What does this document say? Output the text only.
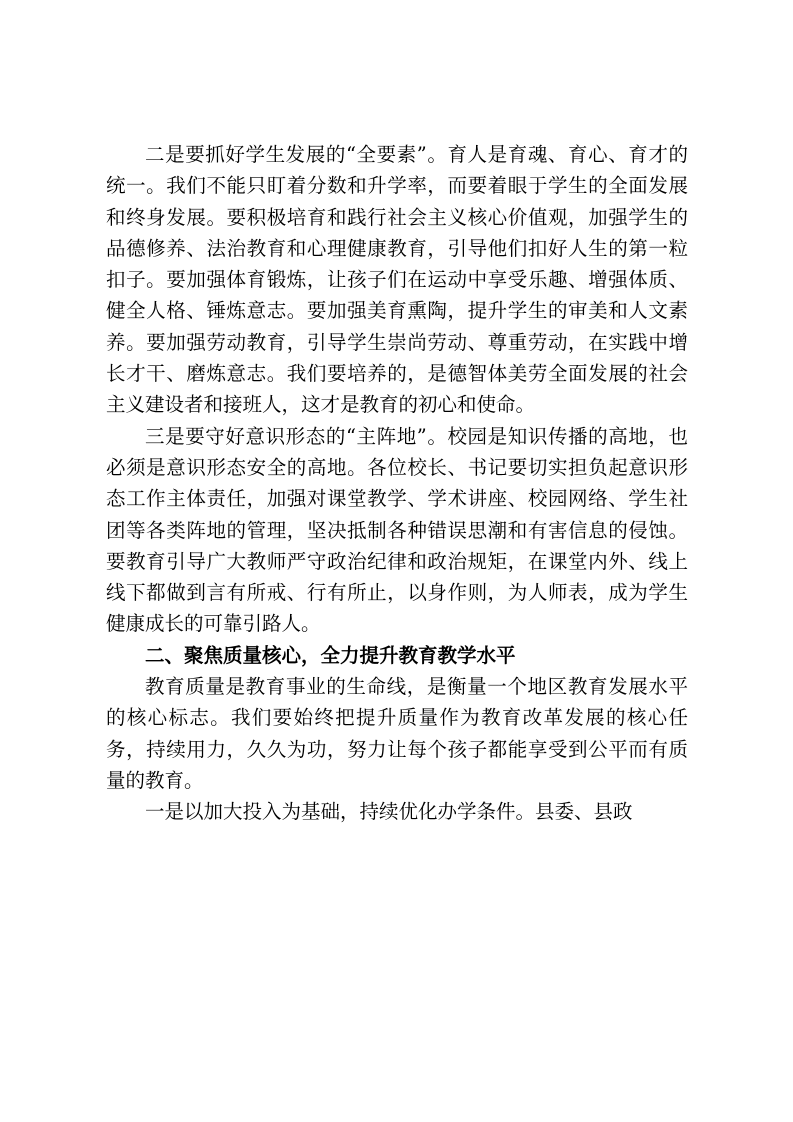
二是要抓好学生发展的“全要素”。育人是育魂、育心、育才的统一。我们不能只盯着分数和升学率，而要着眼于学生的全面发展和终身发展。要积极培育和践行社会主义核心价值观，加强学生的品德修养、法治教育和心理健康教育，引导他们扣好人生的第一粒扣子。要加强体育锻炼，让孩子们在运动中享受乐趣、增强体质、健全人格、锤炼意志。要加强美育熏陶，提升学生的审美和人文素养。要加强劳动教育，引导学生崇尚劳动、尊重劳动，在实践中增长才干、磨炼意志。我们要培养的，是德智体美劳全面发展的社会主义建设者和接班人，这才是教育的初心和使命。

三是要守好意识形态的“主阵地”。校园是知识传播的高地，也必须是意识形态安全的高地。各位校长、书记要切实担负起意识形态工作主体责任，加强对课堂教学、学术讲座、校园网络、学生社团等各类阵地的管理，坚决抵制各种错误思潮和有害信息的侵蚀。要教育引导广大教师严守政治纪律和政治规矩，在课堂内外、线上线下都做到言有所戒、行有所止，以身作则，为人师表，成为学生健康成长的可靠引路人。

二、聚焦质量核心，全力提升教育教学水平

教育质量是教育事业的生命线，是衡量一个地区教育发展水平的核心标志。我们要始终把提升质量作为教育改革发展的核心任务，持续用力，久久为功，努力让每个孩子都能享受到公平而有质量的教育。

一是以加大投入为基础，持续优化办学条件。县委、县政
